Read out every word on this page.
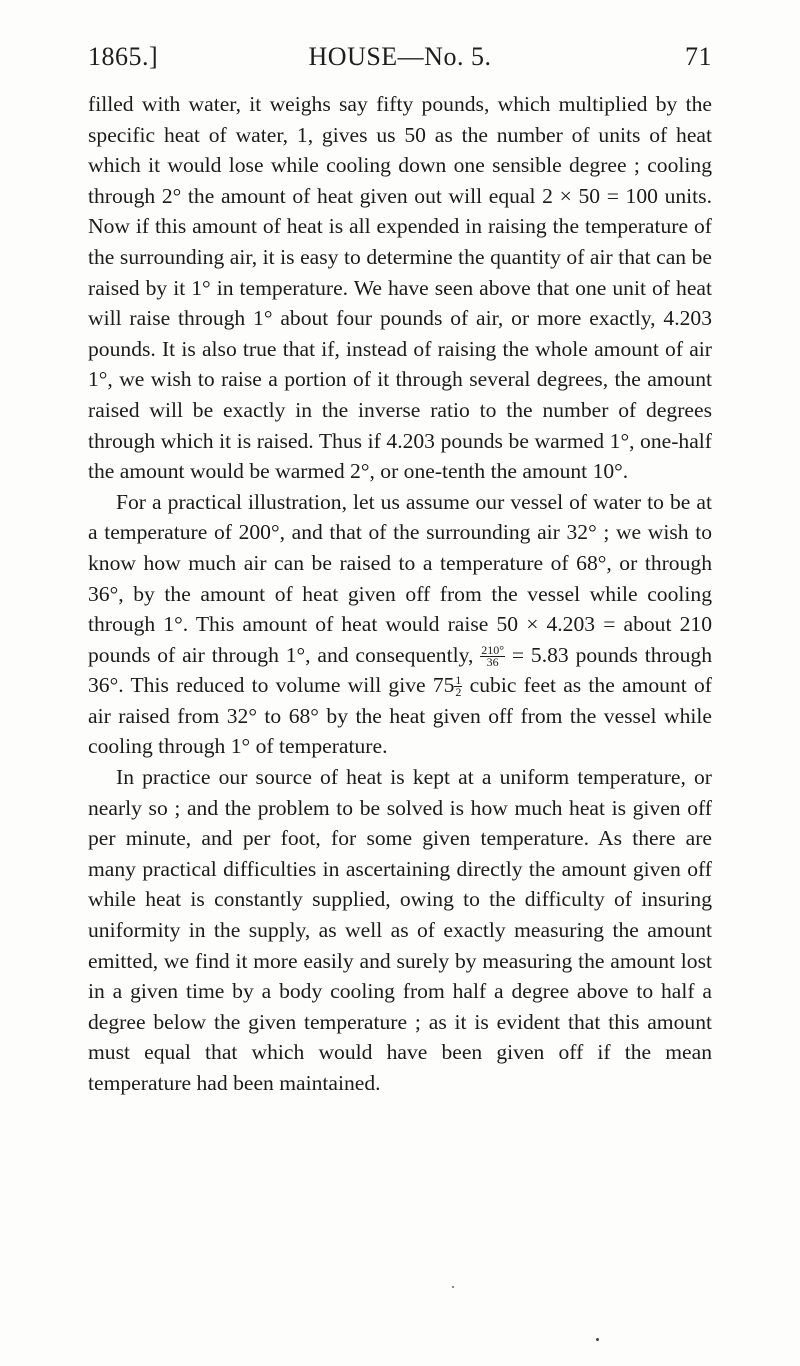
1865.]	HOUSE—No. 5.	71

filled with water, it weighs say fifty pounds, which multiplied by the specific heat of water, 1, gives us 50 as the number of units of heat which it would lose while cooling down one sensible degree ; cooling through 2° the amount of heat given out will equal 2 × 50 = 100 units. Now if this amount of heat is all expended in raising the temperature of the surrounding air, it is easy to determine the quantity of air that can be raised by it 1° in temperature. We have seen above that one unit of heat will raise through 1° about four pounds of air, or more exactly, 4.203 pounds. It is also true that if, instead of raising the whole amount of air 1°, we wish to raise a portion of it through several degrees, the amount raised will be exactly in the inverse ratio to the number of degrees through which it is raised. Thus if 4.203 pounds be warmed 1°, one-half the amount would be warmed 2°, or one-tenth the amount 10°.

For a practical illustration, let us assume our vessel of water to be at a temperature of 200°, and that of the surrounding air 32° ; we wish to know how much air can be raised to a temperature of 68°, or through 36°, by the amount of heat given off from the vessel while cooling through 1°. This amount of heat would raise 50 × 4.203 = about 210 pounds of air through 1°, and consequently, $\frac{210^\circ}{36} = 5.83$ pounds through 36°. This reduced to volume will give $75 \frac{1}{2}$ cubic feet as the amount of air raised from 32° to 68° by the heat given off from the vessel while cooling through 1° of temperature.

In practice our source of heat is kept at a uniform temperature, or nearly so ; and the problem to be solved is how much heat is given off per minute, and per foot, for some given temperature. As there are many practical difficulties in ascertaining directly the amount given off while heat is constantly supplied, owing to the difficulty of insuring uniformity in the supply, as well as of exactly measuring the amount emitted, we find it more easily and surely by measuring the amount lost in a given time by a body cooling from half a degree above to half a degree below the given temperature ; as it is evident that this amount must equal that which would have been given off if the mean temperature had been maintained.
